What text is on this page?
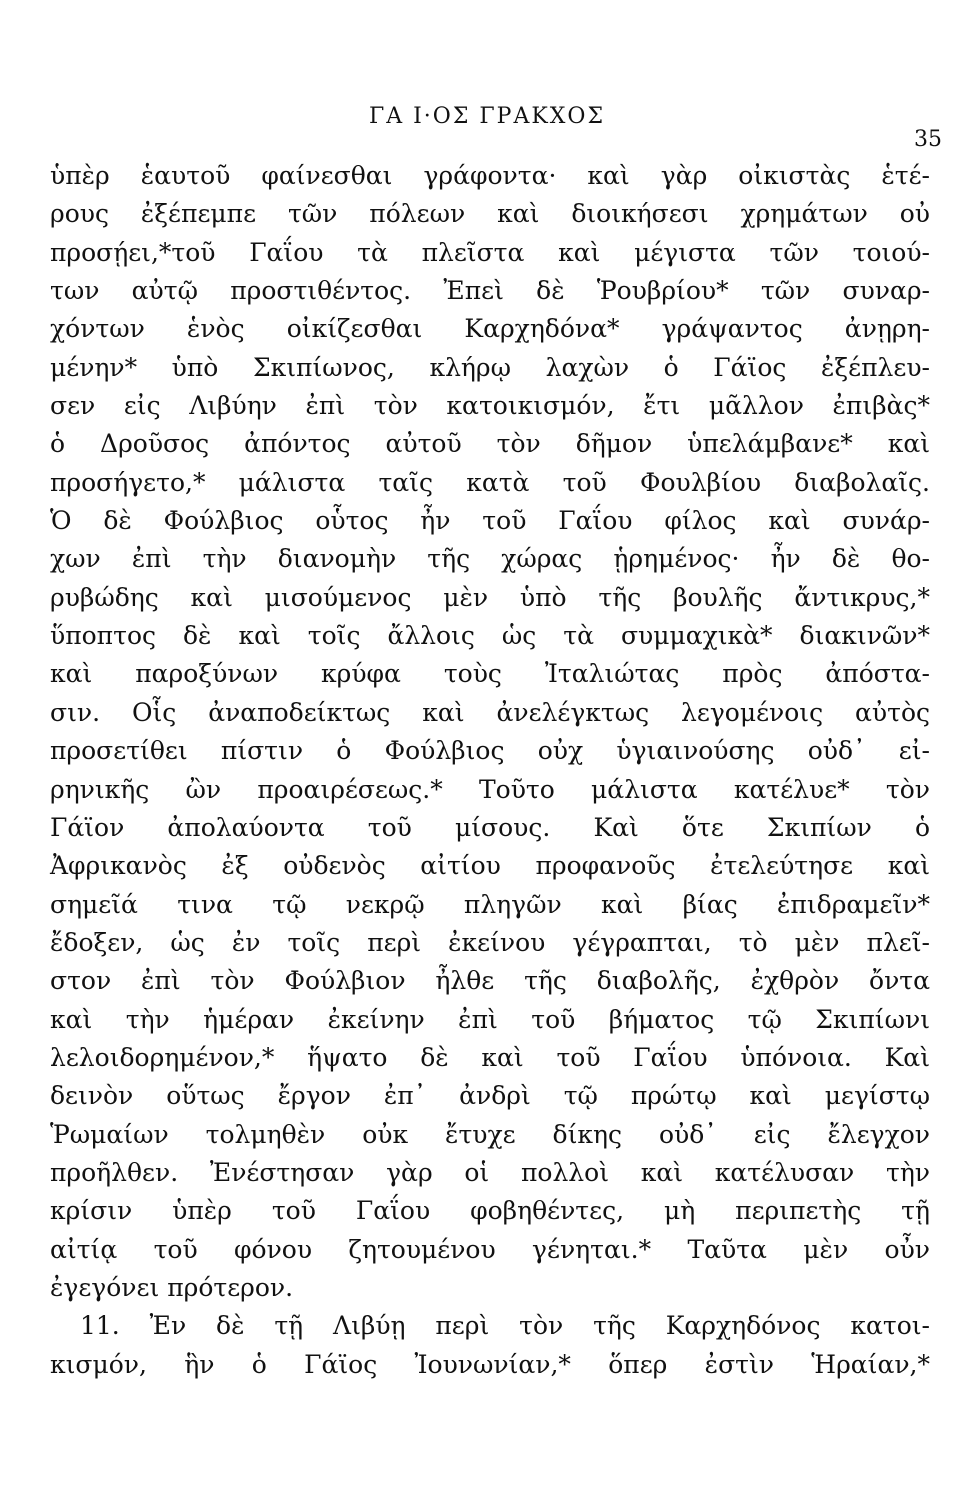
ΓΑ Ι·ΟΣ ΓΡΑΚΧΟΣ
35
ὑπὲρ ἑαυτοῦ φαίνεσθαι γράφοντα· καὶ γὰρ οἰκιστὰς ἑτέ-
ρους ἐξέπεμπε τῶν πόλεων καὶ διοικήσεσι χρημάτων οὐ
προσῄει,*τοῦ Γαΐου τὰ πλεῖστα καὶ μέγιστα τῶν τοιού-
των αὐτῷ προστιθέντος. Ἐπεὶ δὲ Ῥουβρίου* τῶν συναρ-
χόντων ἑνὸς οἰκίζεσθαι Καρχηδόνα* γράψαντος ἀνῃρη-
μένην* ὑπὸ Σκιπίωνος, κλήρῳ λαχὼν ὁ Γάϊος ἐξέπλευ-
σεν εἰς Λιβύην ἐπὶ τὸν κατοικισμόν, ἔτι μᾶλλον ἐπιβὰς*
ὁ Δροῦσος ἀπόντος αὐτοῦ τὸν δῆμον ὑπελάμβανε* καὶ
προσήγετο,* μάλιστα ταῖς κατὰ τοῦ Φουλβίου διαβολαῖς.
Ὁ δὲ Φούλβιος οὗτος ἦν τοῦ Γαΐου φίλος καὶ συνάρ-
χων ἐπὶ τὴν διανομὴν τῆς χώρας ᾑρημένος· ἦν δὲ θο-
ρυβώδης καὶ μισούμενος μὲν ὑπὸ τῆς βουλῆς ἄντικρυς,*
ὕποπτος δὲ καὶ τοῖς ἄλλοις ὡς τὰ συμμαχικὰ* διακινῶν*
καὶ παροξύνων κρύφα τοὺς Ἰταλιώτας πρὸς ἀπόστα-
σιν. Οἷς ἀναποδείκτως καὶ ἀνελέγκτως λεγομένοις αὐτὸς
προσετίθει πίστιν ὁ Φούλβιος οὐχ ὑγιαινούσης οὐδ᾽ εἰ-
ρηνικῆς ὢν προαιρέσεως.* Τοῦτο μάλιστα κατέλυε* τὸν
Γάϊον ἀπολαύοντα τοῦ μίσους. Καὶ ὅτε Σκιπίων ὁ
Ἀφρικανὸς ἐξ οὐδενὸς αἰτίου προφανοῦς ἐτελεύτησε καὶ
σημεῖά τινα τῷ νεκρῷ πληγῶν καὶ βίας ἐπιδραμεῖν*
ἔδοξεν, ὡς ἐν τοῖς περὶ ἐκείνου γέγραπται, τὸ μὲν πλεῖ-
στον ἐπὶ τὸν Φούλβιον ἦλθε τῆς διαβολῆς, ἐχθρὸν ὄντα
καὶ τὴν ἡμέραν ἐκείνην ἐπὶ τοῦ βήματος τῷ Σκιπίωνι
λελοιδορημένον,* ἥψατο δὲ καὶ τοῦ Γαΐου ὑπόνοια. Καὶ
δεινὸν οὕτως ἔργον ἐπ᾽ ἀνδρὶ τῷ πρώτῳ καὶ μεγίστῳ
Ῥωμαίων τολμηθὲν οὐκ ἔτυχε δίκης οὐδ᾽ εἰς ἔλεγχον
προῆλθεν. Ἐνέστησαν γὰρ οἱ πολλοὶ καὶ κατέλυσαν τὴν
κρίσιν ὑπὲρ τοῦ Γαΐου φοβηθέντες, μὴ περιπετὴς τῇ
αἰτίᾳ τοῦ φόνου ζητουμένου γένηται.* Ταῦτα μὲν οὖν
ἐγεγόνει πρότερον.
11. Ἐν δὲ τῇ Λιβύῃ περὶ τὸν τῆς Καρχηδόνος κατοι-
κισμόν, ἣν ὁ Γάϊος Ἰουνωνίαν,* ὅπερ ἐστὶν Ἡραίαν,*
